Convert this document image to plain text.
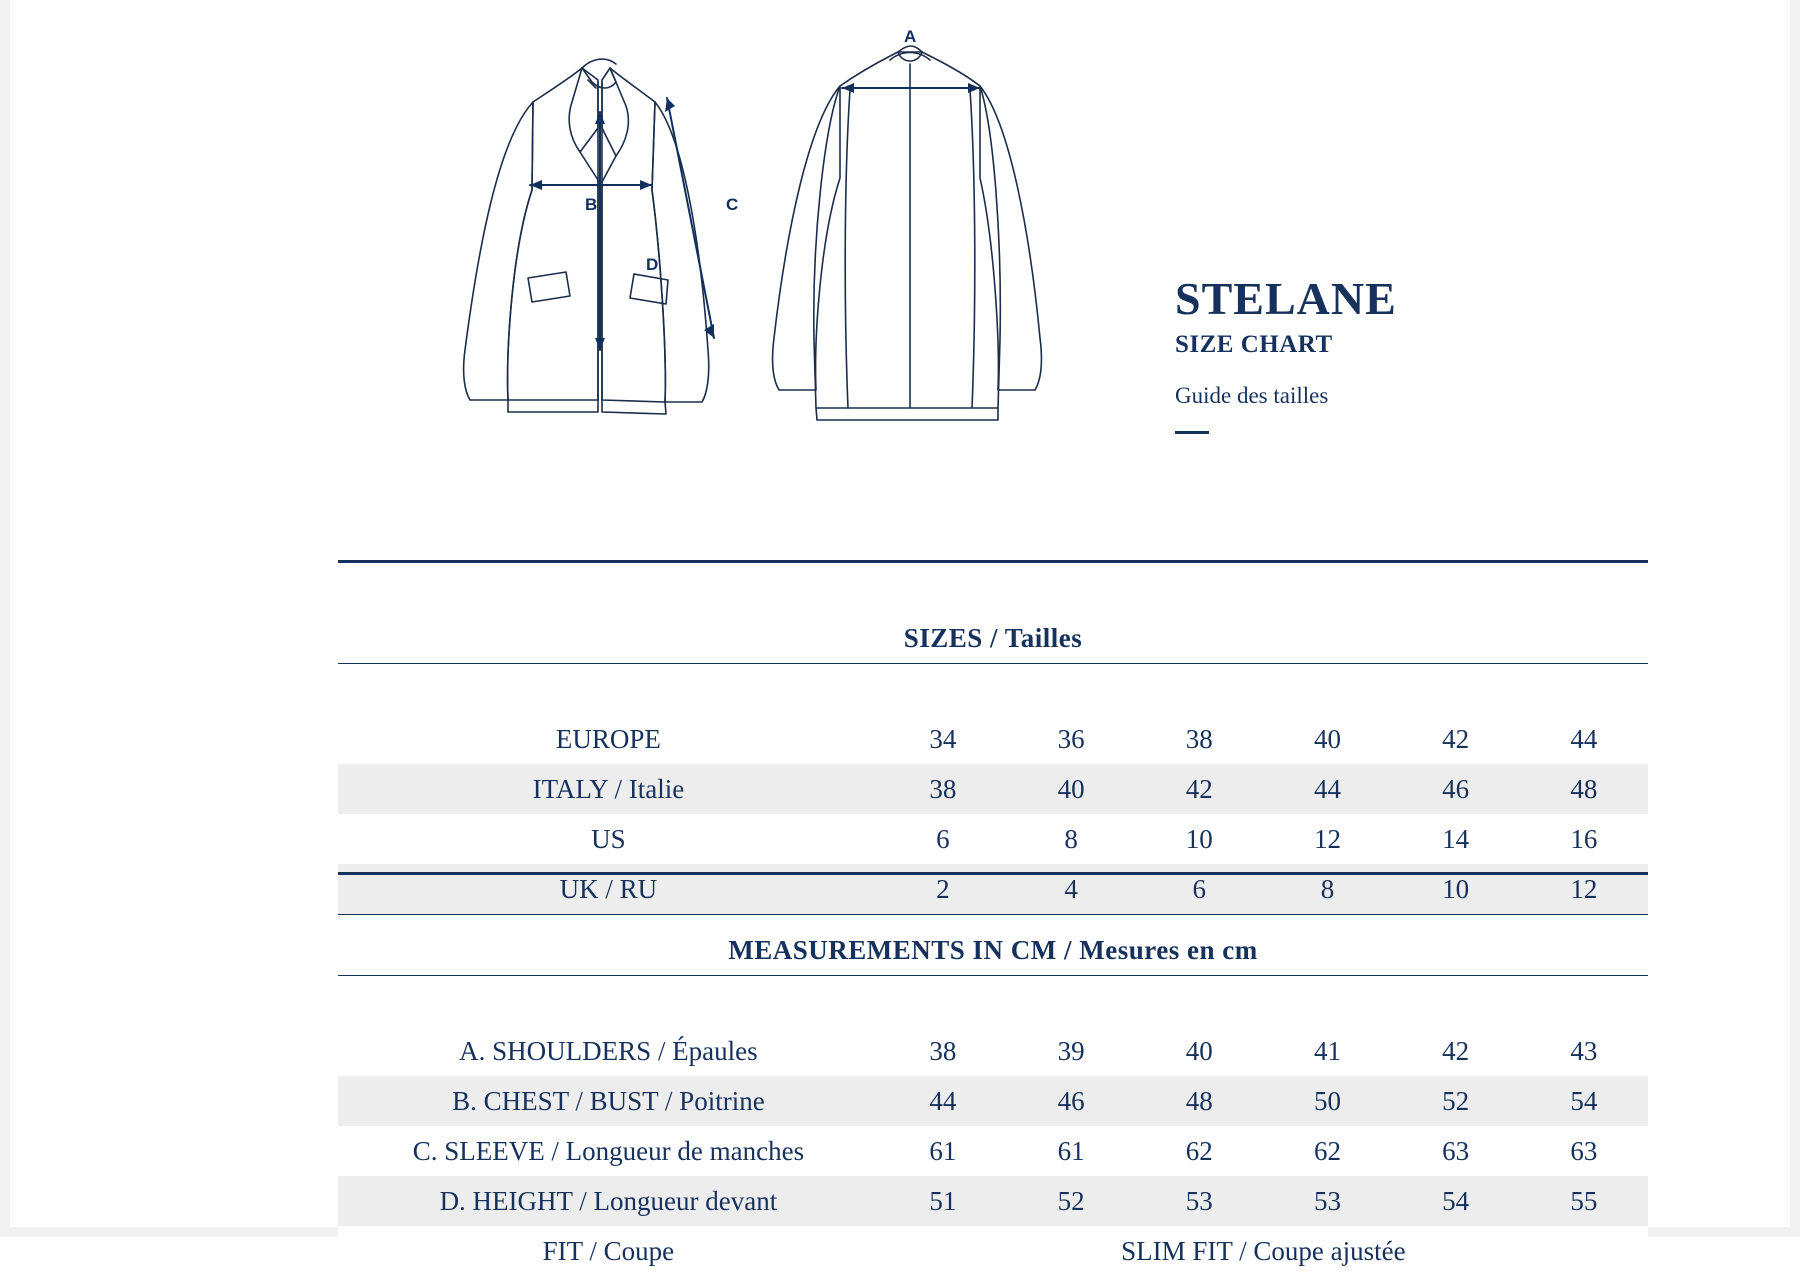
A
B	C
D
STELANE
SIZE CHART
Guide des tailles

SIZES / Tailles						

EUROPE	34	36	38	40	42	44
ITALY / Italie	38	40	42	44	46	48
US	6	8	10	12	14	16
UK / RU	2	4	6	8	10	12

MEASUREMENTS IN CM / Mesures en cm						

A. SHOULDERS / Épaules	38	39	40	41	42	43
B. CHEST / BUST / Poitrine	44	46	48	50	52	54
C. SLEEVE / Longueur de manches	61	61	62	62	63	63
D. HEIGHT / Longueur devant	51	52	53	53	54	55
FIT / Coupe	SLIM FIT / Coupe ajustée					
